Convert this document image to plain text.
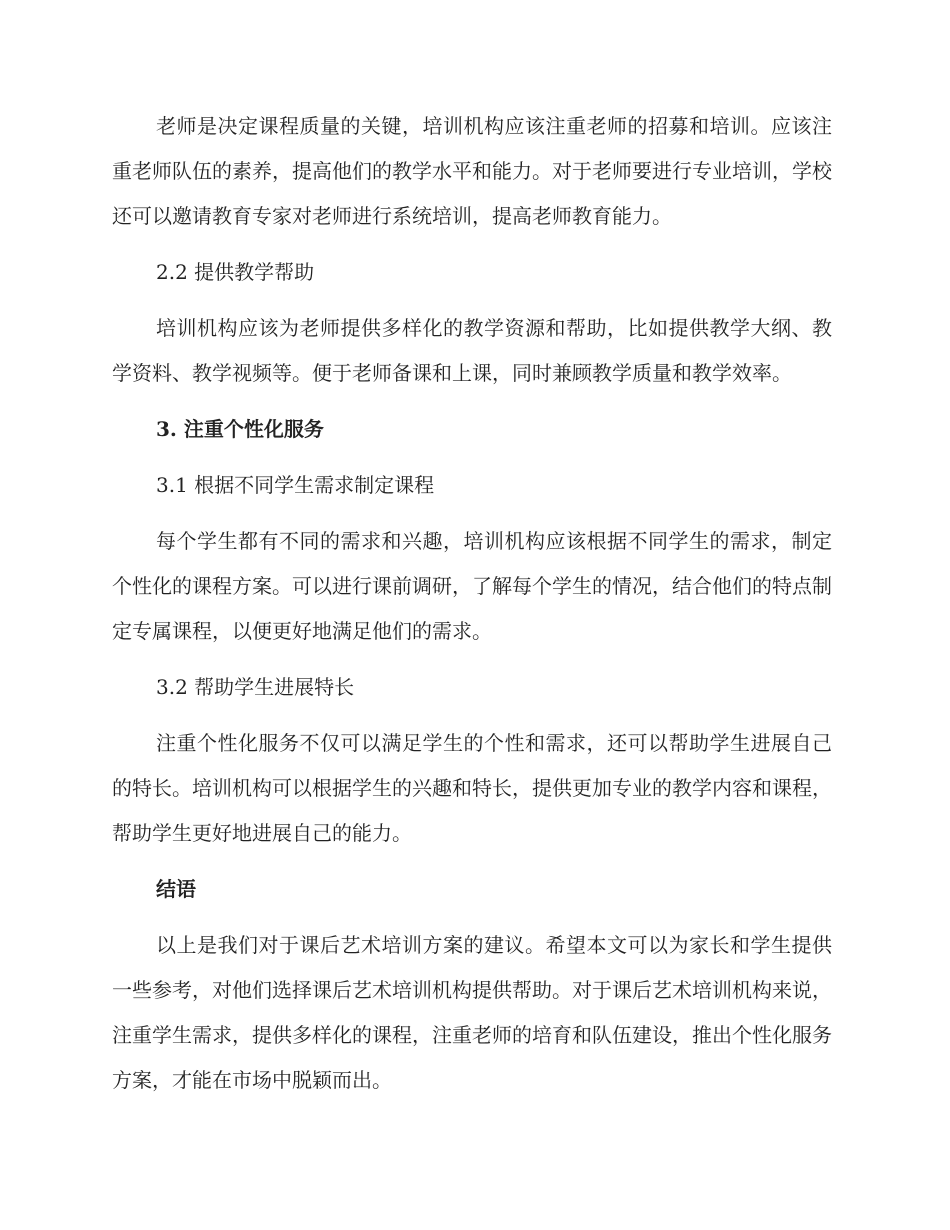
老师是决定课程质量的关键，培训机构应该注重老师的招募和培训。应该注重老师队伍的素养，提高他们的教学水平和能力。对于老师要进行专业培训，学校还可以邀请教育专家对老师进行系统培训，提高老师教育能力。

2.2 提供教学帮助

培训机构应该为老师提供多样化的教学资源和帮助，比如提供教学大纲、教学资料、教学视频等。便于老师备课和上课，同时兼顾教学质量和教学效率。

3. 注重个性化服务

3.1 根据不同学生需求制定课程

每个学生都有不同的需求和兴趣，培训机构应该根据不同学生的需求，制定个性化的课程方案。可以进行课前调研，了解每个学生的情况，结合他们的特点制定专属课程，以便更好地满足他们的需求。

3.2 帮助学生进展特长

注重个性化服务不仅可以满足学生的个性和需求，还可以帮助学生进展自己的特长。培训机构可以根据学生的兴趣和特长，提供更加专业的教学内容和课程，帮助学生更好地进展自己的能力。

结语

以上是我们对于课后艺术培训方案的建议。希望本文可以为家长和学生提供一些参考，对他们选择课后艺术培训机构提供帮助。对于课后艺术培训机构来说，注重学生需求，提供多样化的课程，注重老师的培育和队伍建设，推出个性化服务方案，才能在市场中脱颖而出。
